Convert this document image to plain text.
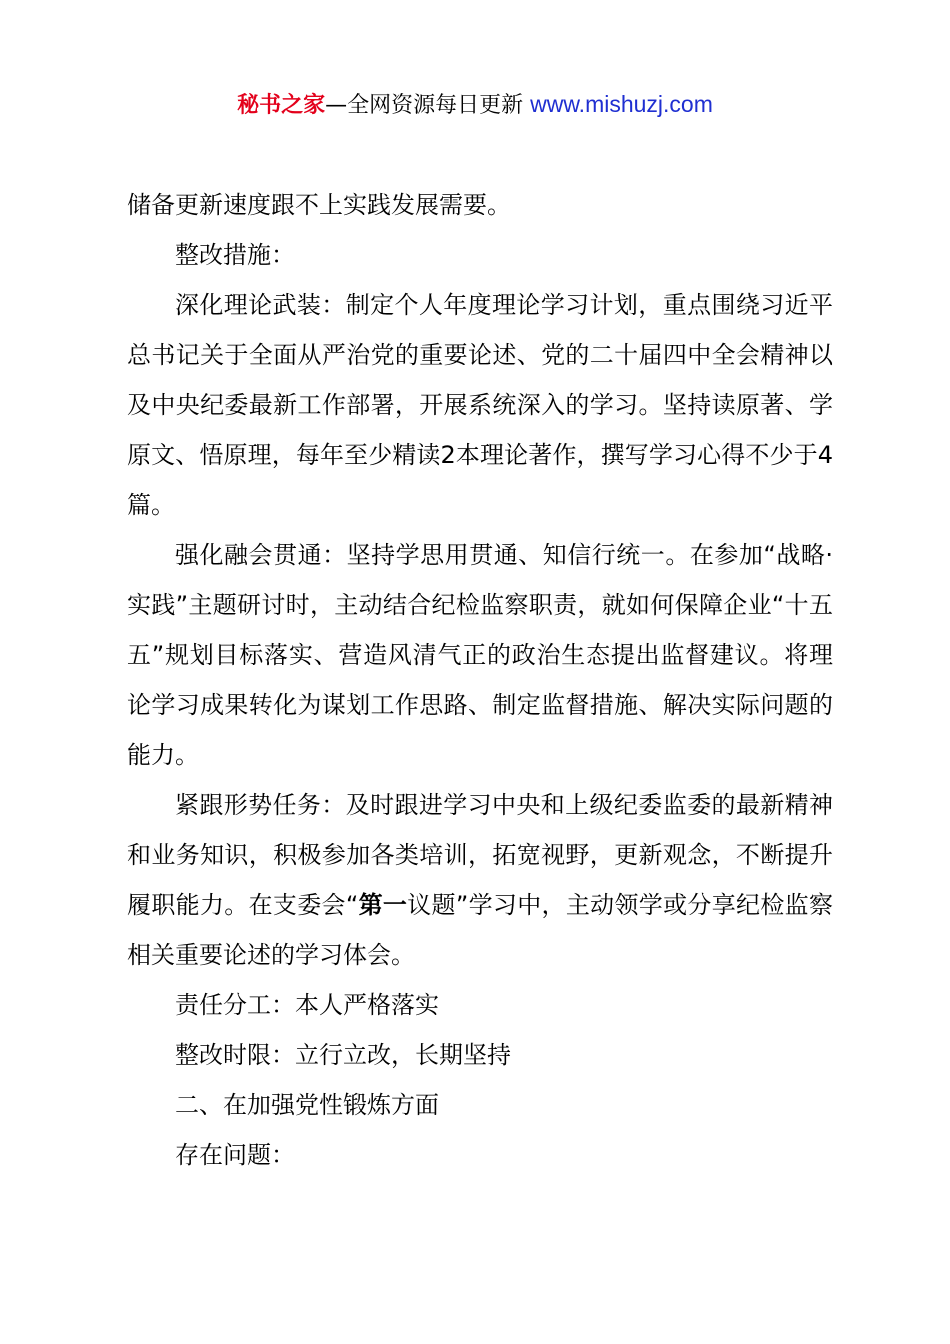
秘书之家—全网资源每日更新 www.mishuzj.com

储备更新速度跟不上实践发展需要。

整改措施：

深化理论武装：制定个人年度理论学习计划，重点围绕习近平总书记关于全面从严治党的重要论述、党的二十届四中全会精神以及中央纪委最新工作部署，开展系统深入的学习。坚持读原著、学原文、悟原理，每年至少精读2本理论著作，撰写学习心得不少于4篇。

强化融会贯通：坚持学思用贯通、知信行统一。在参加“战略·实践”主题研讨时，主动结合纪检监察职责，就如何保障企业“十五五”规划目标落实、营造风清气正的政治生态提出监督建议。将理论学习成果转化为谋划工作思路、制定监督措施、解决实际问题的能力。

紧跟形势任务：及时跟进学习中央和上级纪委监委的最新精神和业务知识，积极参加各类培训，拓宽视野，更新观念，不断提升履职能力。在支委会“第一议题”学习中，主动领学或分享纪检监察相关重要论述的学习体会。

责任分工：本人严格落实

整改时限：立行立改，长期坚持

二、在加强党性锻炼方面

存在问题：
